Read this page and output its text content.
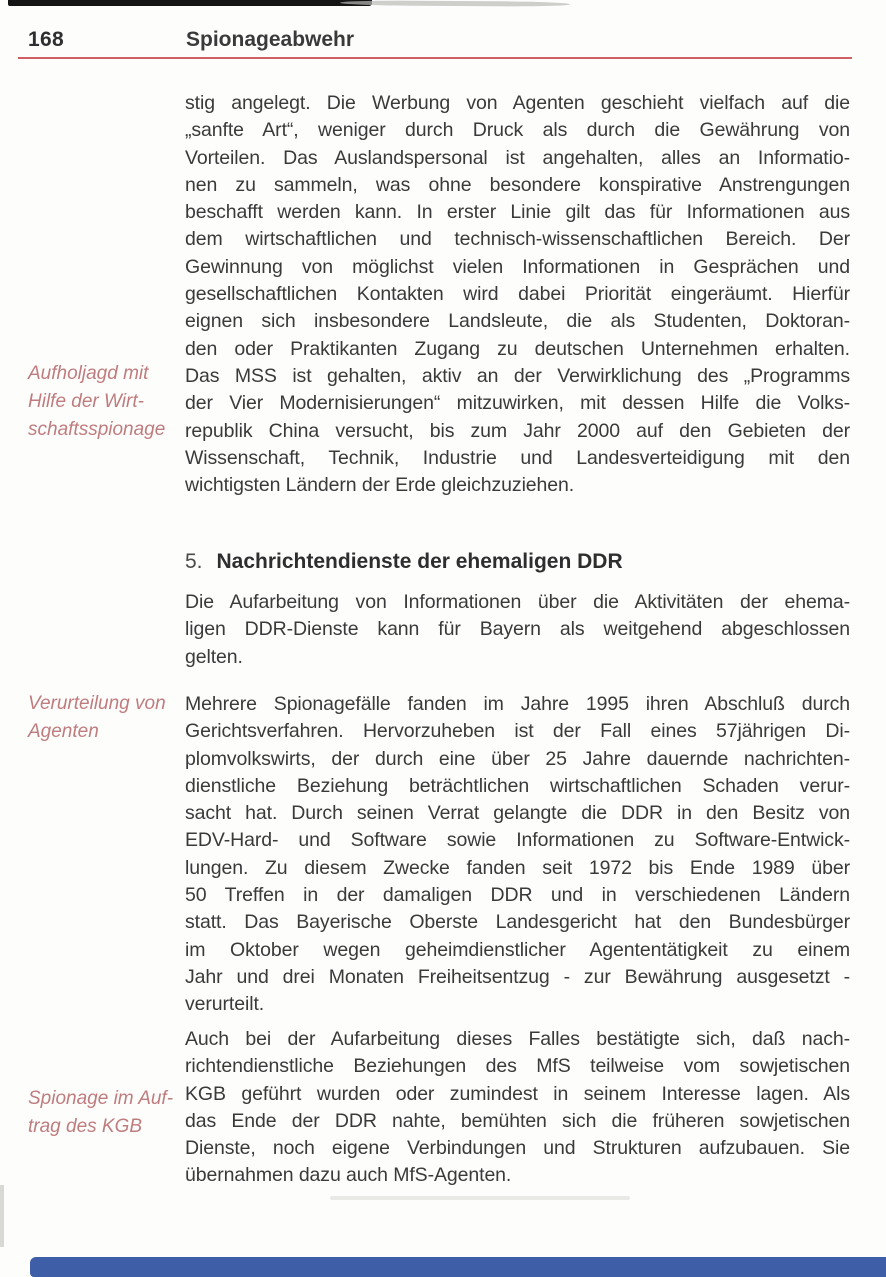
168	Spionageabwehr
Aufholjagd mit
Hilfe der Wirt-
schaftsspionage
Verurteilung von
Agenten
Spionage im Auf-
trag des KGB
stig angelegt. Die Werbung von Agenten geschieht vielfach auf die
„sanfte Art“, weniger durch Druck als durch die Gewährung von
Vorteilen. Das Auslandspersonal ist angehalten, alles an Informatio-
nen zu sammeln, was ohne besondere konspirative Anstrengungen
beschafft werden kann. In erster Linie gilt das für Informationen aus
dem wirtschaftlichen und technisch-wissenschaftlichen Bereich. Der
Gewinnung von möglichst vielen Informationen in Gesprächen und
gesellschaftlichen Kontakten wird dabei Priorität eingeräumt. Hierfür
eignen sich insbesondere Landsleute, die als Studenten, Doktoran-
den oder Praktikanten Zugang zu deutschen Unternehmen erhalten.
Das MSS ist gehalten, aktiv an der Verwirklichung des „Programms
der Vier Modernisierungen“ mitzuwirken, mit dessen Hilfe die Volks-
republik China versucht, bis zum Jahr 2000 auf den Gebieten der
Wissenschaft, Technik, Industrie und Landesverteidigung mit den
wichtigsten Ländern der Erde gleichzuziehen.
5. Nachrichtendienste der ehemaligen DDR
Die Aufarbeitung von Informationen über die Aktivitäten der ehema-
ligen DDR-Dienste kann für Bayern als weitgehend abgeschlossen
gelten.
Mehrere Spionagefälle fanden im Jahre 1995 ihren Abschluß durch
Gerichtsverfahren. Hervorzuheben ist der Fall eines 57jährigen Di-
plomvolkswirts, der durch eine über 25 Jahre dauernde nachrichten-
dienstliche Beziehung beträchtlichen wirtschaftlichen Schaden verur-
sacht hat. Durch seinen Verrat gelangte die DDR in den Besitz von
EDV-Hard- und Software sowie Informationen zu Software-Entwick-
lungen. Zu diesem Zwecke fanden seit 1972 bis Ende 1989 über
50 Treffen in der damaligen DDR und in verschiedenen Ländern
statt. Das Bayerische Oberste Landesgericht hat den Bundesbürger
im Oktober wegen geheimdienstlicher Agententätigkeit zu einem
Jahr und drei Monaten Freiheitsentzug - zur Bewährung ausgesetzt -
verurteilt.
Auch bei der Aufarbeitung dieses Falles bestätigte sich, daß nach-
richtendienstliche Beziehungen des MfS teilweise vom sowjetischen
KGB geführt wurden oder zumindest in seinem Interesse lagen. Als
das Ende der DDR nahte, bemühten sich die früheren sowjetischen
Dienste, noch eigene Verbindungen und Strukturen aufzubauen. Sie
übernahmen dazu auch MfS-Agenten.
